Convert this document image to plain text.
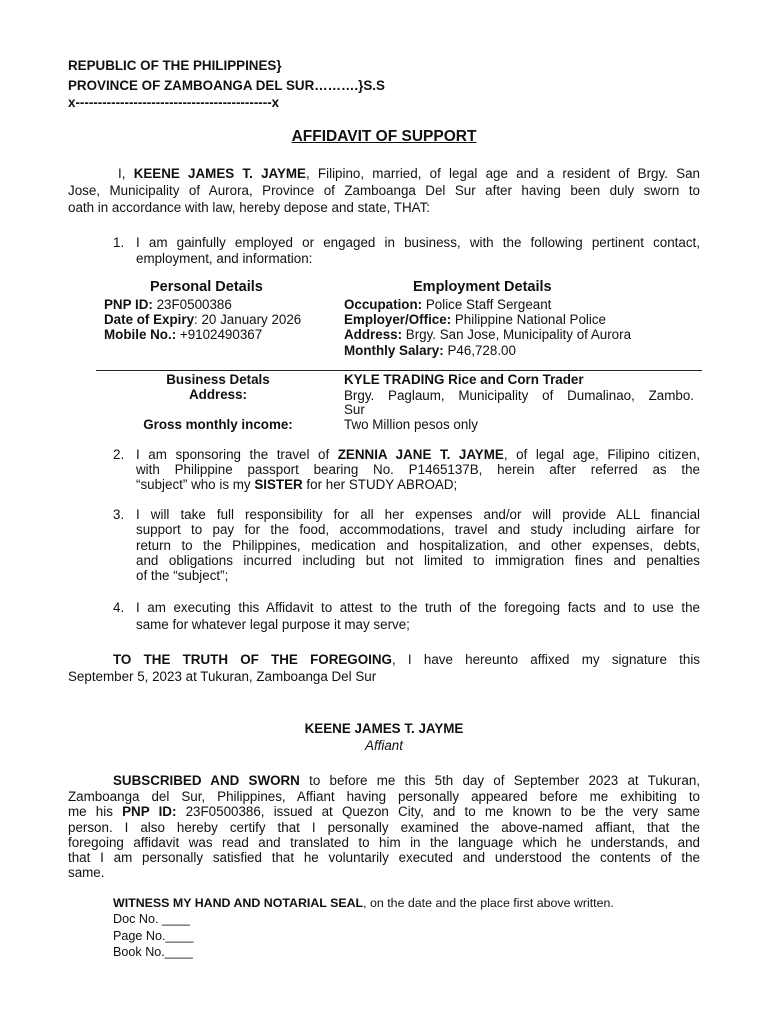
REPUBLIC OF THE PHILIPPINES}
PROVINCE OF ZAMBOANGA DEL SUR……….}S.S
x--------------------------------------------x
AFFIDAVIT OF SUPPORT
I, KEENE JAMES T. JAYME, Filipino, married, of legal age and a resident of Brgy. San
Jose, Municipality of Aurora, Province of Zamboanga Del Sur after having been duly sworn to
oath in accordance with law, hereby depose and state, THAT:
1. I am gainfully employed or engaged in business, with the following pertinent contact,
employment, and information:
Personal Details
PNP ID: 23F0500386
Date of Expiry: 20 January 2026
Mobile No.: +9102490367
Employment Details
Occupation: Police Staff Sergeant
Employer/Office: Philippine National Police
Address: Brgy. San Jose, Municipality of Aurora
Monthly Salary: P46,728.00
Business Detals
Address:
Gross monthly income:
KYLE TRADING Rice and Corn Trader
Brgy. Paglaum, Municipality of Dumalinao, Zambo.
Sur
Two Million pesos only
2. I am sponsoring the travel of ZENNIA JANE T. JAYME, of legal age, Filipino citizen,
with Philippine passport bearing No. P1465137B, herein after referred as the
“subject” who is my SISTER for her STUDY ABROAD;
3. I will take full responsibility for all her expenses and/or will provide ALL financial
support to pay for the food, accommodations, travel and study including airfare for
return to the Philippines, medication and hospitalization, and other expenses, debts,
and obligations incurred including but not limited to immigration fines and penalties
of the “subject”;
4. I am executing this Affidavit to attest to the truth of the foregoing facts and to use the
same for whatever legal purpose it may serve;
TO THE TRUTH OF THE FOREGOING, I have hereunto affixed my signature this
September 5, 2023 at Tukuran, Zamboanga Del Sur
KEENE JAMES T. JAYME
Affiant
SUBSCRIBED AND SWORN to before me this 5th day of September 2023 at Tukuran,
Zamboanga del Sur, Philippines, Affiant having personally appeared before me exhibiting to
me his PNP ID: 23F0500386, issued at Quezon City, and to me known to be the very same
person. I also hereby certify that I personally examined the above-named affiant, that the
foregoing affidavit was read and translated to him in the language which he understands, and
that I am personally satisfied that he voluntarily executed and understood the contents of the
same.
WITNESS MY HAND AND NOTARIAL SEAL, on the date and the place first above written.
Doc No. ____
Page No.____
Book No.____
